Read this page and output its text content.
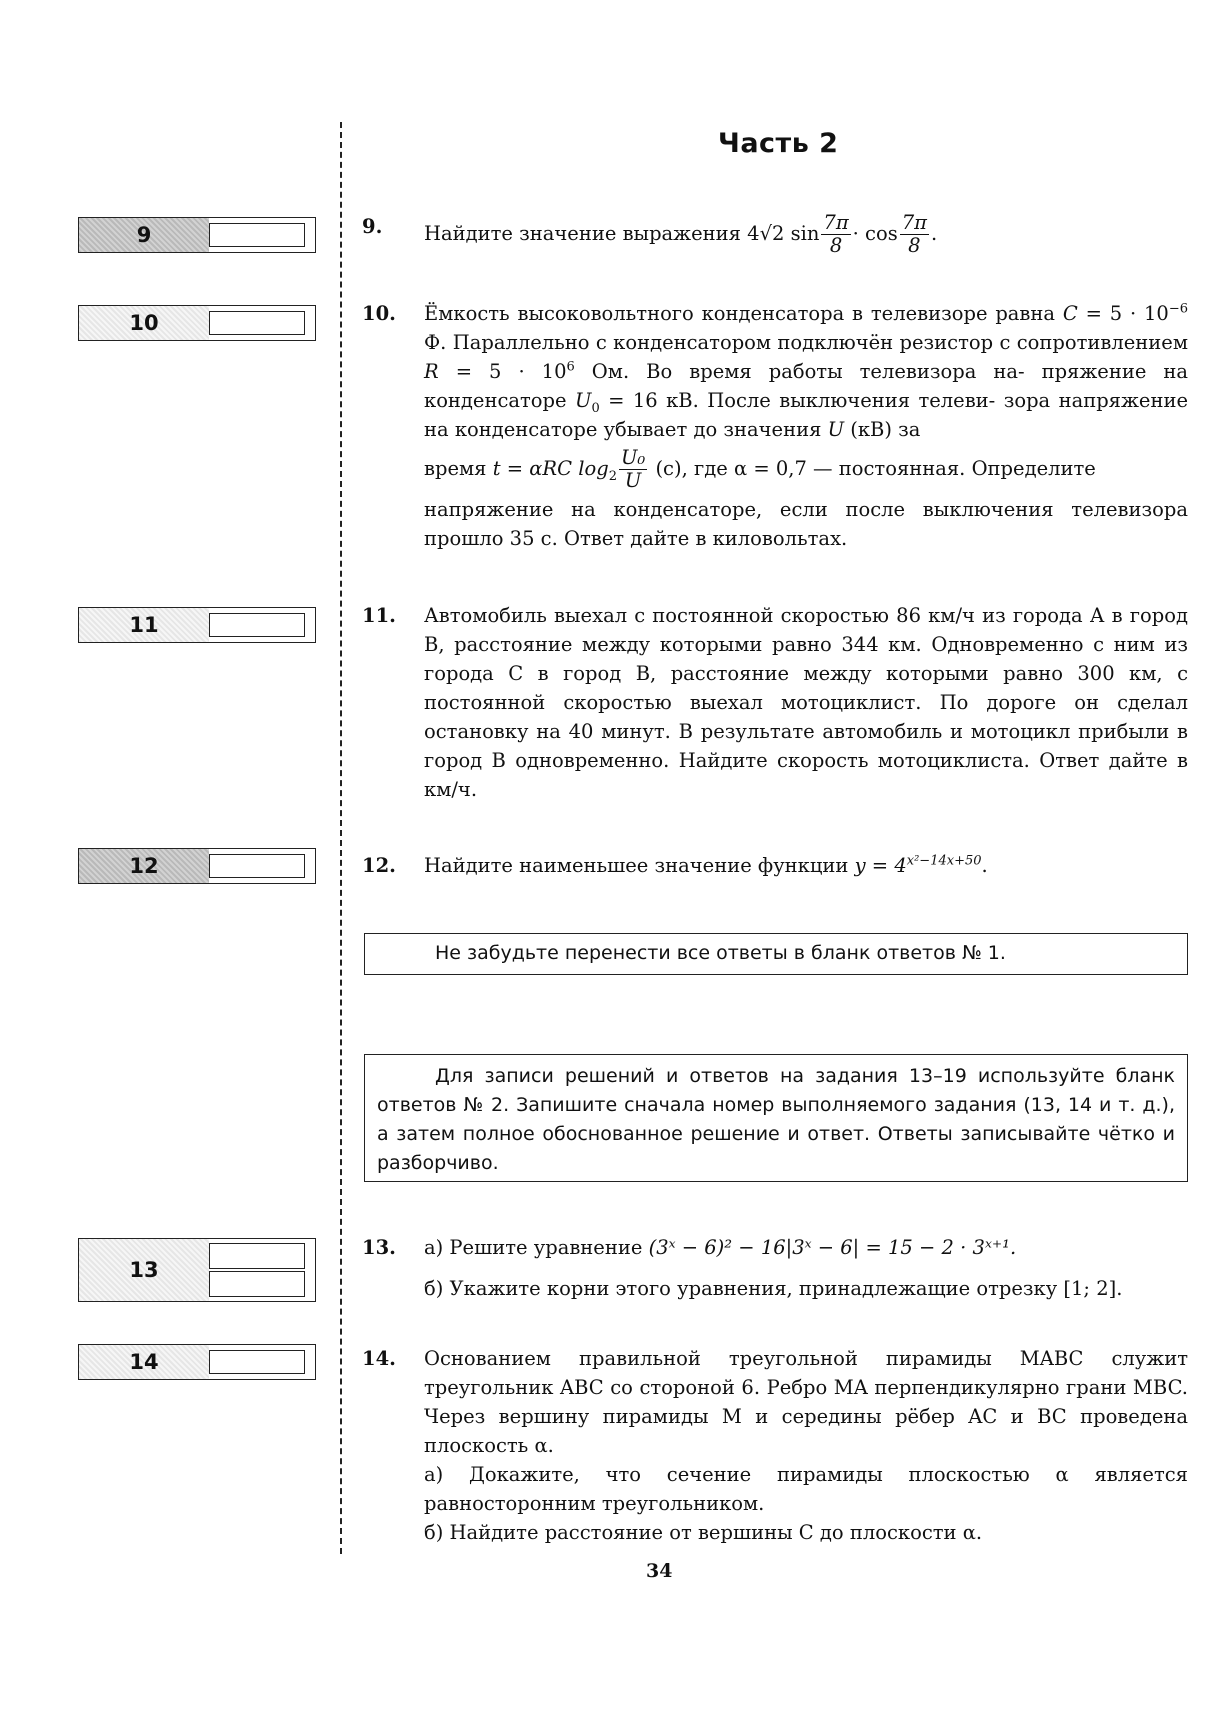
Часть 2
9
10
11
12
13
14
9. Найдите значение выражения 4√2 $\sin \frac{7\pi}{8} \cdot \cos \frac{7\pi}{8}$ .
10. Ёмкость высоковольтного конденсатора в телевизоре равна $C = 5 \cdot 10^{-6}$ Ф. Параллельно с конденсатором подключён резистор с сопротивлением $R = 5 \cdot 10^6$ Ом. Во время работы телевизора на- пряжение на конденсаторе $U_0 = 16$ кВ. После выключения телеви- зора напряжение на конденсаторе убывает до значения U (кВ) за
время t = αRC $\log_2 \frac{\text{U₀}}{U} (с)$, где α = 0,7 — постоянная. Определите
напряжение на конденсаторе, если после выключения телевизора прошло 35 с. Ответ дайте в киловольтах.
11. Автомобиль выехал с постоянной скоростью 86 км/ч из города А в город В, расстояние между которыми равно 344 км. Одновременно с ним из города С в город В, расстояние между которыми равно 300 км, с постоянной скоростью выехал мотоциклист. По дороге он сделал остановку на 40 минут. В результате автомобиль и мотоцикл прибыли в город В одновременно. Найдите скорость мотоциклиста. Ответ дайте в км/ч.
12. Найдите наименьшее значение функции $y = 4^{x^2-14x+50}$.
Не забудьте перенести все ответы в бланк ответов № 1.
Для записи решений и ответов на задания 13–19 используйте бланк ответов № 2. Запишите сначала номер выполняемого задания (13, 14 и т. д.), а затем полное обоснованное решение и ответ. Ответы записывайте чётко и разборчиво.
13. а) Решите уравнение (3ˣ − 6)² − 16|3ˣ − 6| = 15 − 2 · 3ˣ⁺¹.
б) Укажите корни этого уравнения, принадлежащие отрезку [1; 2].
14. Основанием правильной треугольной пирамиды MABC служит треугольник ABC со стороной 6. Ребро MA перпендикулярно грани MBC. Через вершину пирамиды M и середины рёбер AC и BC проведена плоскость α.
а) Докажите, что сечение пирамиды плоскостью α является равносторонним треугольником.
б) Найдите расстояние от вершины C до плоскости α.
34
